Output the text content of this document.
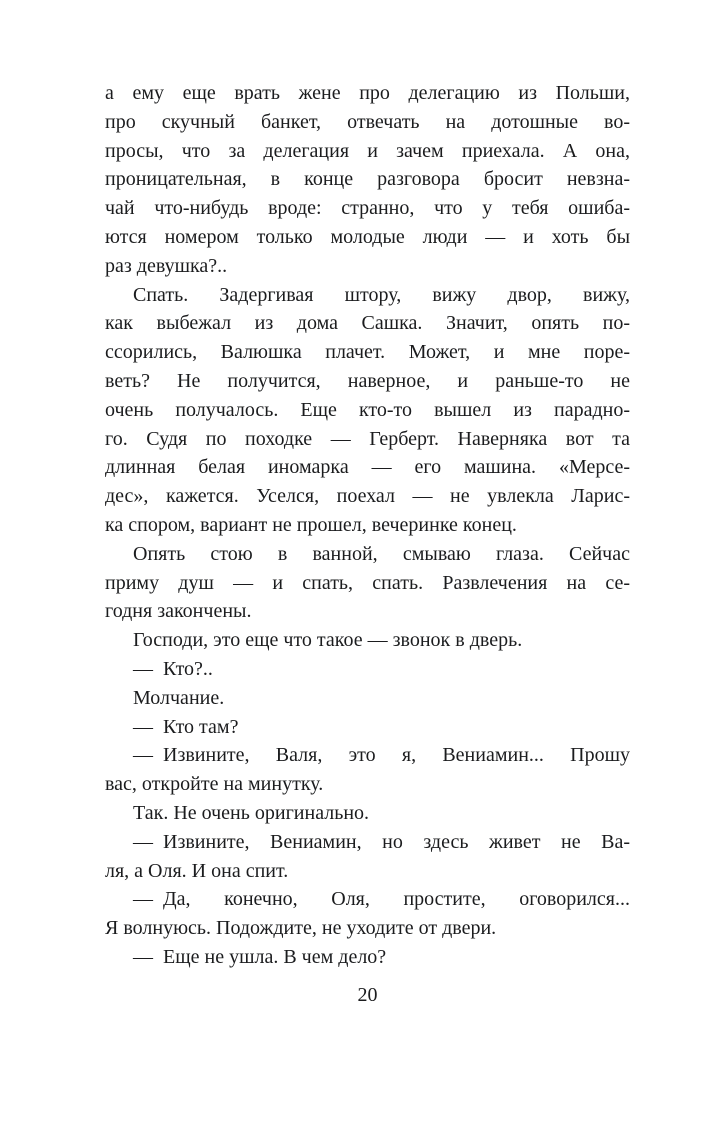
а ему еще врать жене про делегацию из Польши,
про скучный банкет, отвечать на дотошные во-
просы, что за делегация и зачем приехала. А она,
проницательная, в конце разговора бросит невзна-
чай что-нибудь вроде: странно, что у тебя ошиба-
ются номером только молодые люди — и хоть бы
раз девушка?..
Спать. Задергивая штору, вижу двор, вижу,
как выбежал из дома Сашка. Значит, опять по-
ссорились, Валюшка плачет. Может, и мне поре-
веть? Не получится, наверное, и раньше-то не
очень получалось. Еще кто-то вышел из парадно-
го. Судя по походке — Герберт. Наверняка вот та
длинная белая иномарка — его машина. «Мерсе-
дес», кажется. Уселся, поехал — не увлекла Ларис-
ка спором, вариант не прошел, вечеринке конец.
Опять стою в ванной, смываю глаза. Сейчас
приму душ — и спать, спать. Развлечения на се-
годня закончены.
Господи, это еще что такое — звонок в дверь.
— Кто?..
Молчание.
— Кто там?
— Извините, Валя, это я, Вениамин... Прошу
вас, откройте на минутку.
Так. Не очень оригинально.
— Извините, Вениамин, но здесь живет не Ва-
ля, а Оля. И она спит.
— Да, конечно, Оля, простите, оговорился...
Я волнуюсь. Подождите, не уходите от двери.
— Еще не ушла. В чем дело?
20
